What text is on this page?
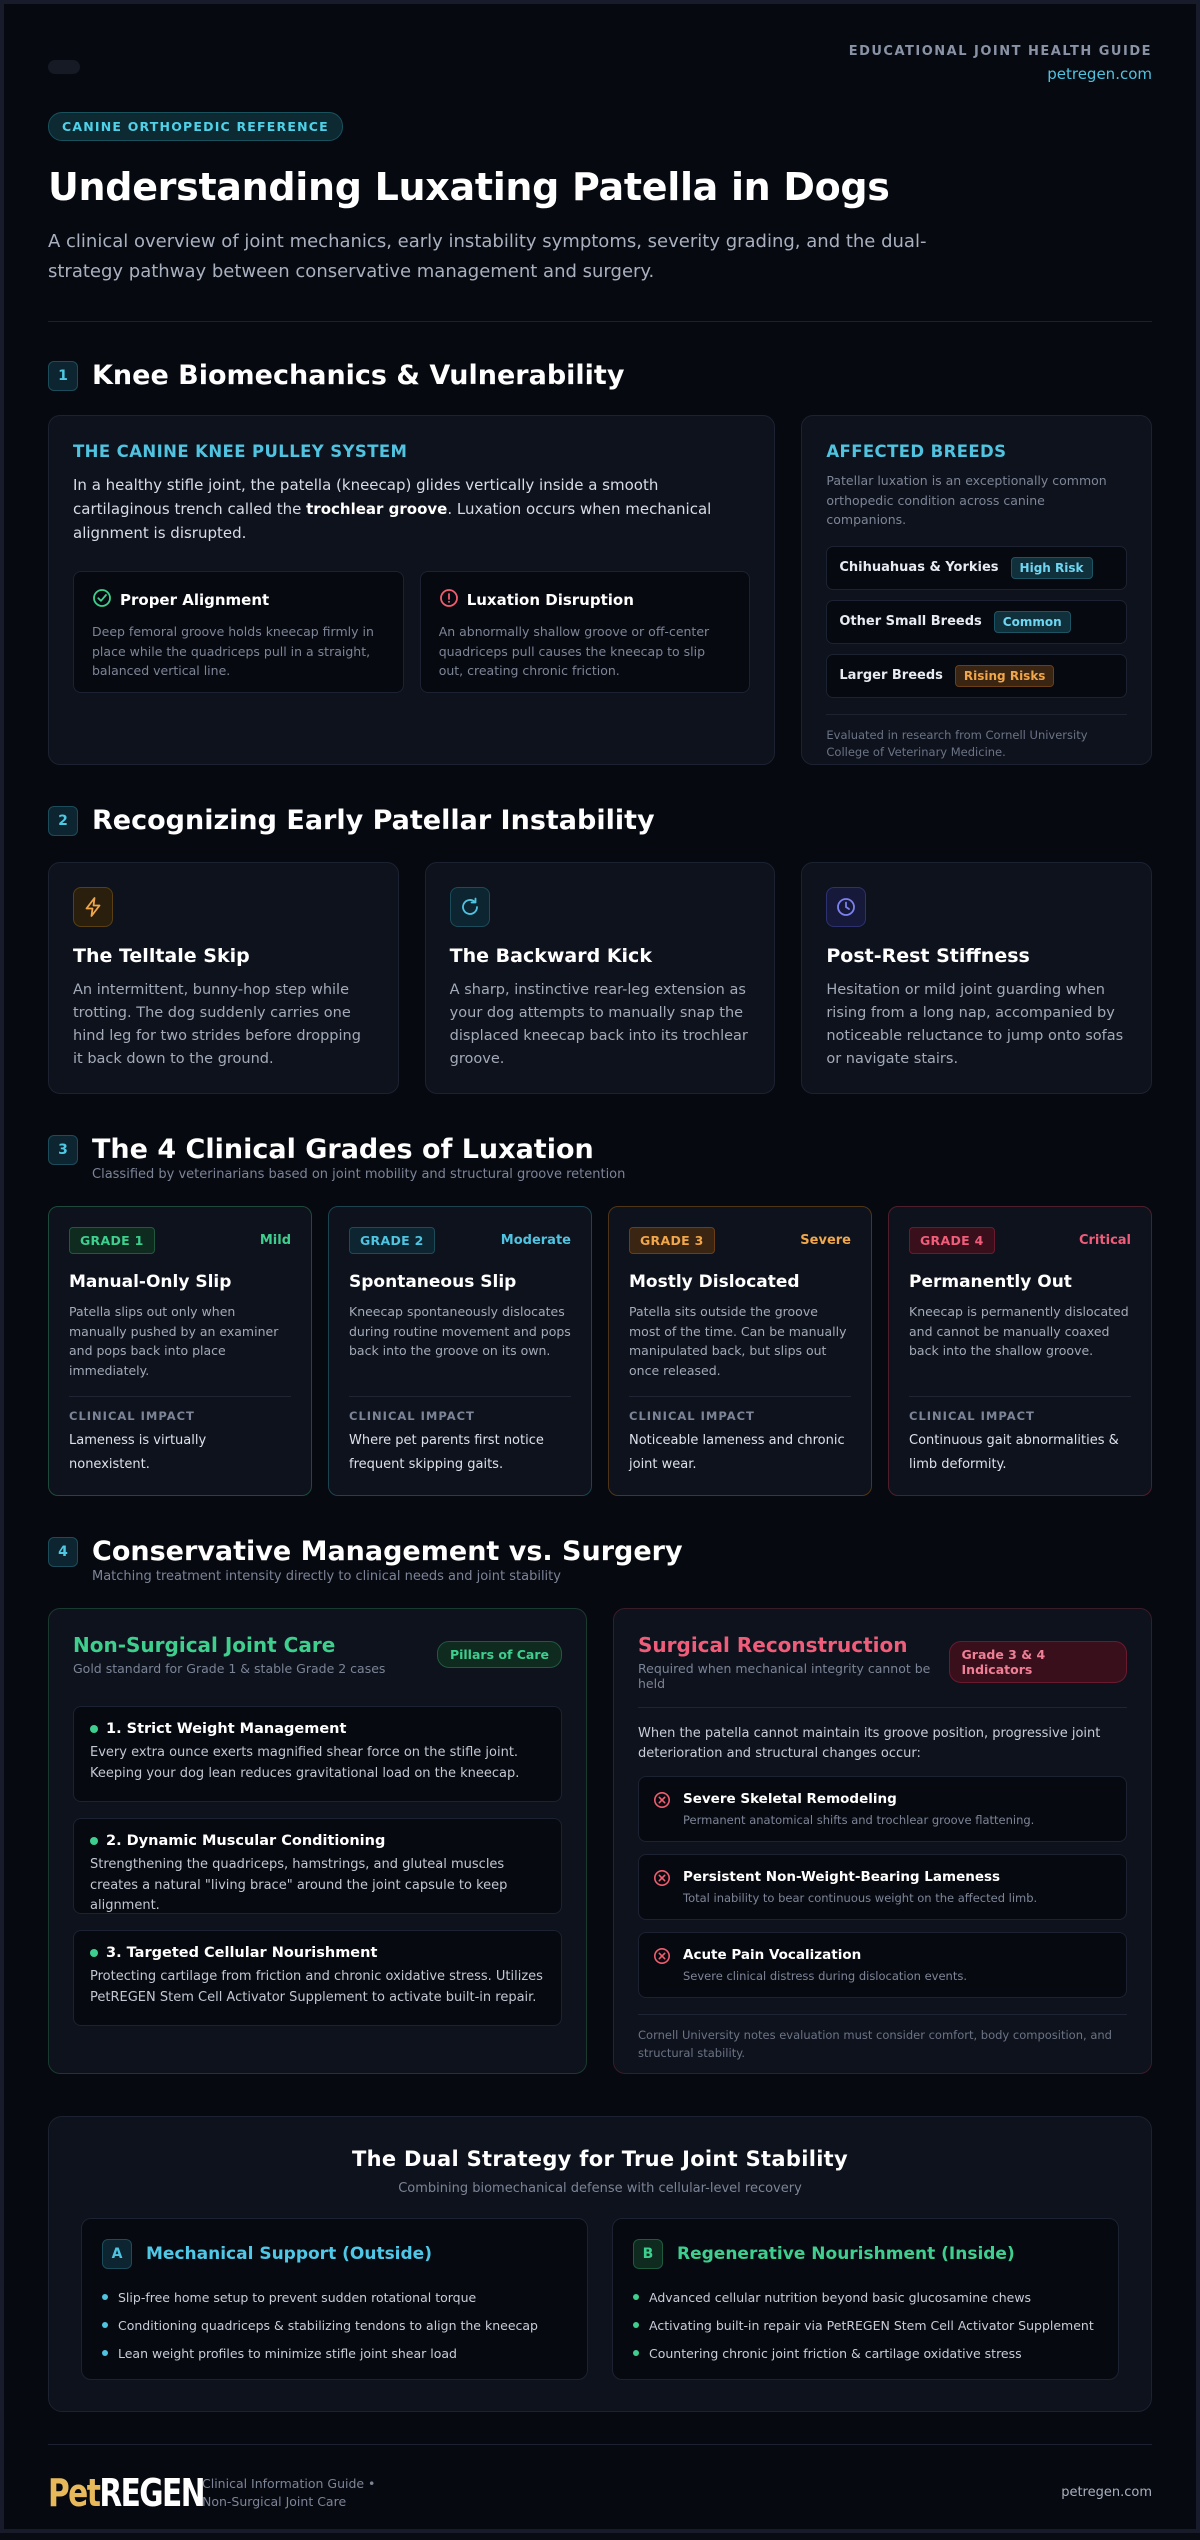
EDUCATIONAL JOINT HEALTH GUIDE
petregen.com
CANINE ORTHOPEDIC REFERENCE
Understanding Luxating Patella in Dogs

A clinical overview of joint mechanics, early instability symptoms, severity grading, and the dual-strategy pathway between conservative management and surgery.

1 Knee Biomechanics & Vulnerability
THE CANINE KNEE PULLEY SYSTEM

In a healthy stifle joint, the patella (kneecap) glides vertically inside a smooth cartilaginous trench called the trochlear groove. Luxation occurs when mechanical alignment is disrupted.

Proper Alignment
Deep femoral groove holds kneecap firmly in place while the quadriceps pull in a straight, balanced vertical line.
Luxation Disruption
An abnormally shallow groove or off-center quadriceps pull causes the kneecap to slip out, creating chronic friction.
AFFECTED BREEDS
Patellar luxation is an exceptionally common orthopedic condition across canine companions.
Chihuahuas & Yorkies	High Risk
Other Small Breeds	Common
Larger Breeds	Rising Risks
Evaluated in research from Cornell University College of Veterinary Medicine.
2 Recognizing Early Patellar Instability
The Telltale Skip
An intermittent, bunny-hop step while trotting. The dog suddenly carries one hind leg for two strides before dropping it back down to the ground.
The Backward Kick
A sharp, instinctive rear-leg extension as your dog attempts to manually snap the displaced kneecap back into its trochlear groove.
Post-Rest Stiffness
Hesitation or mild joint guarding when rising from a long nap, accompanied by noticeable reluctance to jump onto sofas or navigate stairs.
3 The 4 Clinical Grades of Luxation
Classified by veterinarians based on joint mobility and structural groove retention
GRADE 1	Mild
Manual-Only Slip
Patella slips out only when manually pushed by an examiner and pops back into place immediately.
CLINICAL IMPACT
Lameness is virtually nonexistent.
GRADE 2	Moderate
Spontaneous Slip
Kneecap spontaneously dislocates during routine movement and pops back into the groove on its own.
CLINICAL IMPACT
Where pet parents first notice frequent skipping gaits.
GRADE 3	Severe
Mostly Dislocated
Patella sits outside the groove most of the time. Can be manually manipulated back, but slips out once released.
CLINICAL IMPACT
Noticeable lameness and chronic joint wear.
GRADE 4	Critical
Permanently Out
Kneecap is permanently dislocated and cannot be manually coaxed back into the shallow groove.
CLINICAL IMPACT
Continuous gait abnormalities & limb deformity.
4 Conservative Management vs. Surgery
Matching treatment intensity directly to clinical needs and joint stability
Non-Surgical Joint Care
Gold standard for Grade 1 & stable Grade 2 cases
Pillars of Care
1. Strict Weight Management
Every extra ounce exerts magnified shear force on the stifle joint. Keeping your dog lean reduces gravitational load on the kneecap.
2. Dynamic Muscular Conditioning
Strengthening the quadriceps, hamstrings, and gluteal muscles creates a natural "living brace" around the joint capsule to keep alignment.
3. Targeted Cellular Nourishment
Protecting cartilage from friction and chronic oxidative stress. Utilizes PetREGEN Stem Cell Activator Supplement to activate built-in repair.
Surgical Reconstruction
Required when mechanical integrity cannot be held
Grade 3 & 4 Indicators
When the patella cannot maintain its groove position, progressive joint deterioration and structural changes occur:
Severe Skeletal Remodeling
Permanent anatomical shifts and trochlear groove flattening.
Persistent Non-Weight-Bearing Lameness
Total inability to bear continuous weight on the affected limb.
Acute Pain Vocalization
Severe clinical distress during dislocation events.
Cornell University notes evaluation must consider comfort, body composition, and structural stability.
The Dual Strategy for True Joint Stability
Combining biomechanical defense with cellular-level recovery
A	Mechanical Support (Outside)
Slip-free home setup to prevent sudden rotational torque
Conditioning quadriceps & stabilizing tendons to align the kneecap
Lean weight profiles to minimize stifle joint shear load
B	Regenerative Nourishment (Inside)
Advanced cellular nutrition beyond basic glucosamine chews
Activating built-in repair via PetREGEN Stem Cell Activator Supplement
Countering chronic joint friction & cartilage oxidative stress
PetREGEN
Clinical Information Guide •
Non-Surgical Joint Care
petregen.com
